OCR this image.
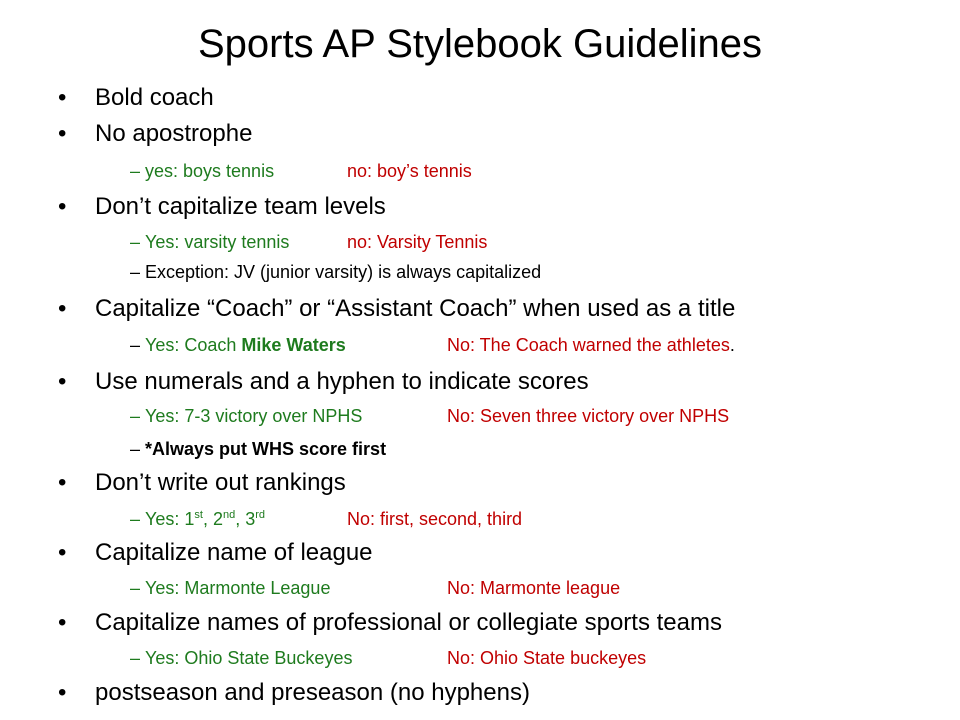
Sports AP Stylebook Guidelines
• Bold coach
• No apostrophe
– yes: boys tennis	no: boy’s tennis
• Don’t capitalize team levels
– Yes: varsity tennis	no: Varsity Tennis
– Exception: JV (junior varsity) is always capitalized
• Capitalize “Coach” or “Assistant Coach” when used as a title
– Yes: Coach Mike Waters	No: The Coach warned the athletes.
• Use numerals and a hyphen to indicate scores
– Yes: 7-3 victory over NPHS	No: Seven three victory over NPHS
– *Always put WHS score first
• Don’t write out rankings
– Yes: 1st, 2nd, 3rd	No: first, second, third
• Capitalize name of league
– Yes: Marmonte League	No: Marmonte league
• Capitalize names of professional or collegiate sports teams
– Yes: Ohio State Buckeyes	No: Ohio State buckeyes
• postseason and preseason (no hyphens)
